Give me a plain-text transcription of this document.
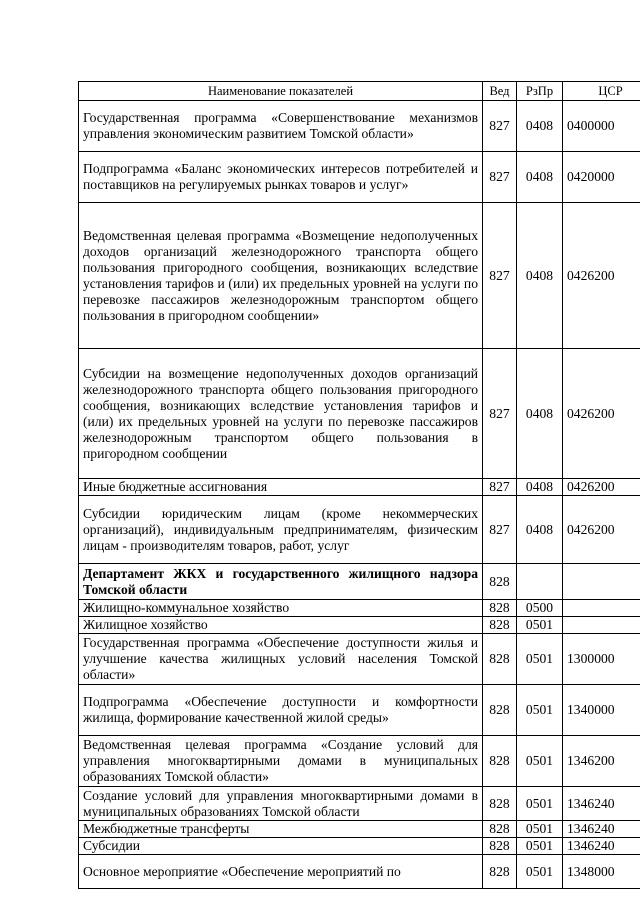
Наименование показателей	Вед	РзПр	ЦСР
Государственная программа «Совершенствование механизмов управления экономическим развитием Томской области»	827	0408	0400000
Подпрограмма «Баланс экономических интересов потребителей и поставщиков на регулируемых рынках товаров и услуг»	827	0408	0420000
Ведомственная целевая программа «Возмещение недополученных доходов организаций железнодорожного транспорта общего пользования пригородного сообщения, возникающих вследствие установления тарифов и (или) их предельных уровней на услуги по перевозке пассажиров железнодорожным транспортом общего пользования в пригородном сообщении»	827	0408	0426200
Субсидии на возмещение недополученных доходов организаций железнодорожного транспорта общего пользования пригородного сообщения, возникающих вследствие установления тарифов и (или) их предельных уровней на услуги по перевозке пассажиров железнодорожным транспортом общего пользования в пригородном сообщении	827	0408	0426200
Иные бюджетные ассигнования	827	0408	0426200
Субсидии юридическим лицам (кроме некоммерческих организаций), индивидуальным предпринимателям, физическим лицам - производителям товаров, работ, услуг	827	0408	0426200
Департамент ЖКХ и государственного жилищного надзора Томской области	828		
Жилищно-коммунальное хозяйство	828	0500	
Жилищное хозяйство	828	0501	
Государственная программа «Обеспечение доступности жилья и улучшение качества жилищных условий населения Томской области»	828	0501	1300000
Подпрограмма «Обеспечение доступности и комфортности жилища, формирование качественной жилой среды»	828	0501	1340000
Ведомственная целевая программа «Создание условий для управления многоквартирными домами в муниципальных образованиях Томской области»	828	0501	1346200
Создание условий для управления многоквартирными домами в муниципальных образованиях Томской области	828	0501	1346240
Межбюджетные трансферты	828	0501	1346240
Субсидии	828	0501	1346240
Основное мероприятие «Обеспечение мероприятий по	828	0501	1348000
